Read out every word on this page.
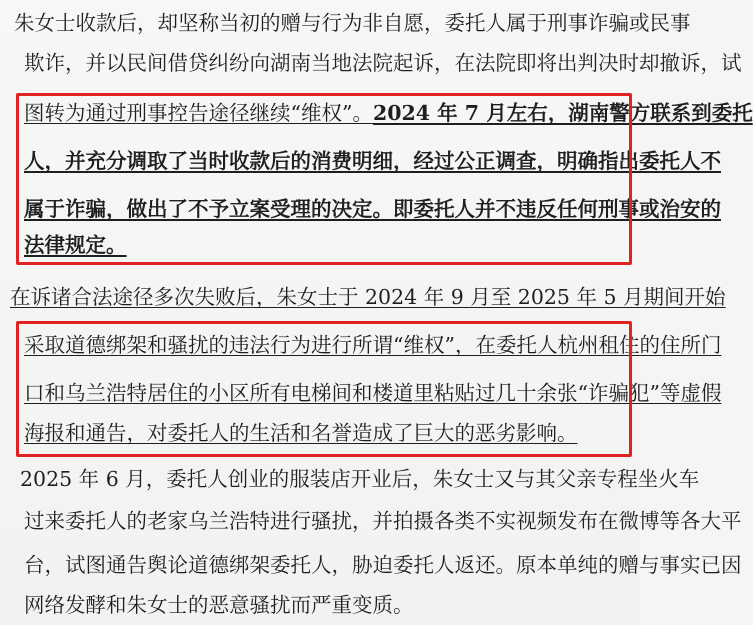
朱女士收款后，却坚称当初的赠与行为非自愿，委托人属于刑事诈骗或民事
欺诈，并以民间借贷纠纷向湖南当地法院起诉，在法院即将出判决时却撤诉，试
图转为通过刑事控告途径继续“维权”。2024 年 7 月左右，湖南警方联系到委托
人，并充分调取了当时收款后的消费明细，经过公正调查，明确指出委托人不
属于诈骗，做出了不予立案受理的决定。即委托人并不违反任何刑事或治安的
法律规定。
在诉诸合法途径多次失败后，朱女士于 2024 年 9 月至 2025 年 5 月期间开始
采取道德绑架和骚扰的违法行为进行所谓“维权”，在委托人杭州租住的住所门
口和乌兰浩特居住的小区所有电梯间和楼道里粘贴过几十余张“诈骗犯”等虚假
海报和通告，对委托人的生活和名誉造成了巨大的恶劣影响。
2025 年 6 月，委托人创业的服装店开业后，朱女士又与其父亲专程坐火车
过来委托人的老家乌兰浩特进行骚扰，并拍摄各类不实视频发布在微博等各大平
台，试图通告舆论道德绑架委托人，胁迫委托人返还。原本单纯的赠与事实已因
网络发酵和朱女士的恶意骚扰而严重变质。
